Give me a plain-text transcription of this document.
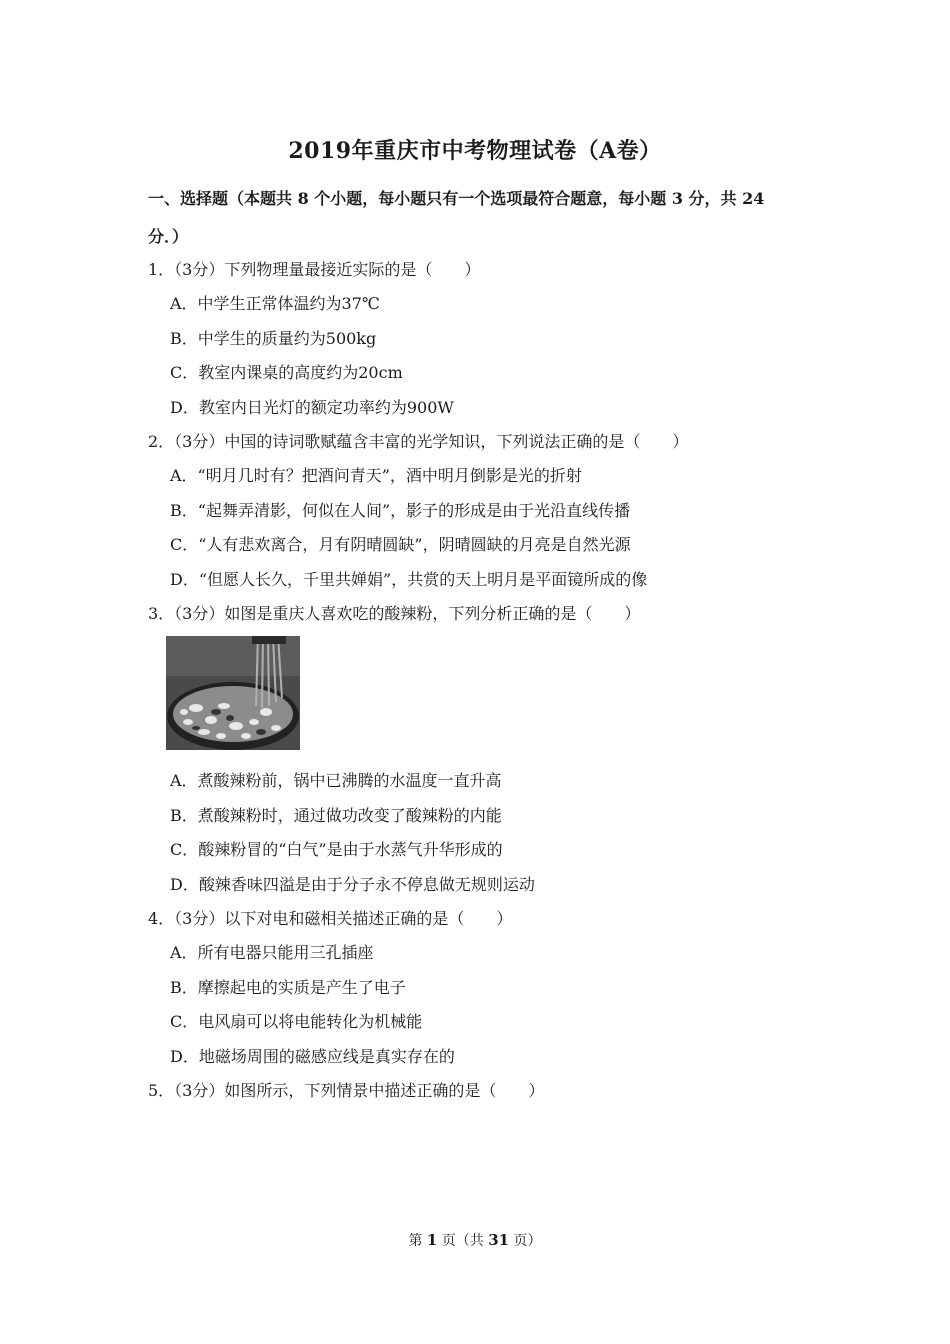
2019年重庆市中考物理试卷（A卷）
一、选择题（本题共 8 个小题，每小题只有一个选项最符合题意，每小题 3 分，共 24
分．）
1．（3分）下列物理量最接近实际的是（　　）
A．中学生正常体温约为37℃
B．中学生的质量约为500kg
C．教室内课桌的高度约为20cm
D．教室内日光灯的额定功率约为900W
2．（3分）中国的诗词歌赋蕴含丰富的光学知识，下列说法正确的是（　　）
A．“明月几时有？把酒问青天”，酒中明月倒影是光的折射
B．“起舞弄清影，何似在人间”，影子的形成是由于光沿直线传播
C．“人有悲欢离合，月有阴晴圆缺”，阴晴圆缺的月亮是自然光源
D．“但愿人长久，千里共婵娟”，共赏的天上明月是平面镜所成的像
3．（3分）如图是重庆人喜欢吃的酸辣粉，下列分析正确的是（　　）
A．煮酸辣粉前，锅中已沸腾的水温度一直升高
B．煮酸辣粉时，通过做功改变了酸辣粉的内能
C．酸辣粉冒的“白气”是由于水蒸气升华形成的
D．酸辣香味四溢是由于分子永不停息做无规则运动
4．（3分）以下对电和磁相关描述正确的是（　　）
A．所有电器只能用三孔插座
B．摩擦起电的实质是产生了电子
C．电风扇可以将电能转化为机械能
D．地磁场周围的磁感应线是真实存在的
5．（3分）如图所示，下列情景中描述正确的是（　　）
第 1 页（共 31 页）
